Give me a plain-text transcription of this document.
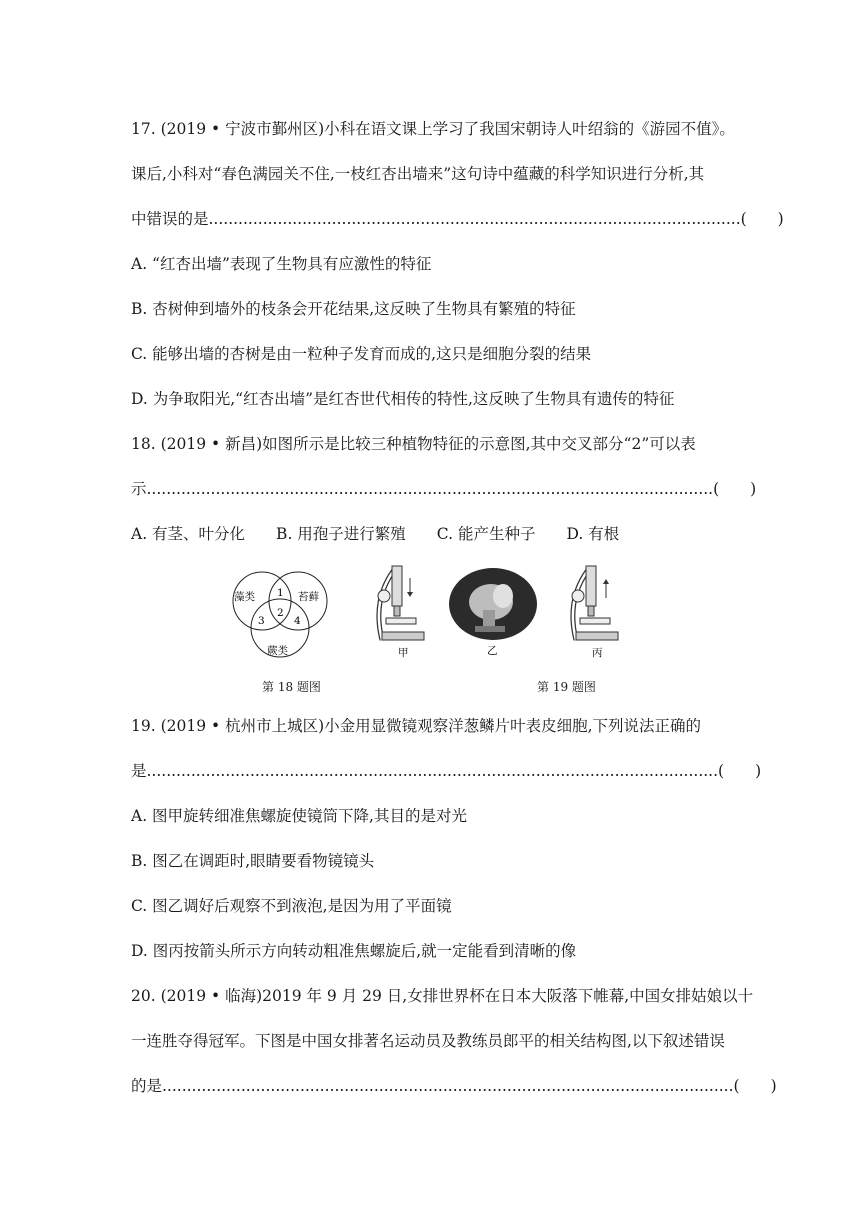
17. (2019 • 宁波市鄞州区)小科在语文课上学习了我国宋朝诗人叶绍翁的《游园不值》。
课后,小科对“春色满园关不住,一枝红杏出墙来”这句诗中蕴藏的科学知识进行分析,其
中错误的是............................................................................................................(　　)
A. “红杏出墙”表现了生物具有应激性的特征
B. 杏树伸到墙外的枝条会开花结果,这反映了生物具有繁殖的特征
C. 能够出墙的杏树是由一粒种子发育而成的,这只是细胞分裂的结果
D. 为争取阳光,“红杏出墙”是红杏世代相传的特性,这反映了生物具有遗传的特征
18. (2019 • 新昌)如图所示是比较三种植物特征的示意图,其中交叉部分“2”可以表
示...................................................................................................................(　　)
A. 有茎、叶分化　　B. 用孢子进行繁殖　　C. 能产生种子　　D. 有根
藻类	苔藓
蕨类
1
2
3	4
甲	乙	丙
第 18 题图	第 19 题图
19. (2019 • 杭州市上城区)小金用显微镜观察洋葱鳞片叶表皮细胞,下列说法正确的
是....................................................................................................................(　　)
A. 图甲旋转细准焦螺旋使镜筒下降,其目的是对光
B. 图乙在调距时,眼睛要看物镜镜头
C. 图乙调好后观察不到液泡,是因为用了平面镜
D. 图丙按箭头所示方向转动粗准焦螺旋后,就一定能看到清晰的像
20. (2019 • 临海)2019 年 9 月 29 日,女排世界杯在日本大阪落下帷幕,中国女排姑娘以十
一连胜夺得冠军。下图是中国女排著名运动员及教练员郎平的相关结构图,以下叙述错误
的是....................................................................................................................(　　)
